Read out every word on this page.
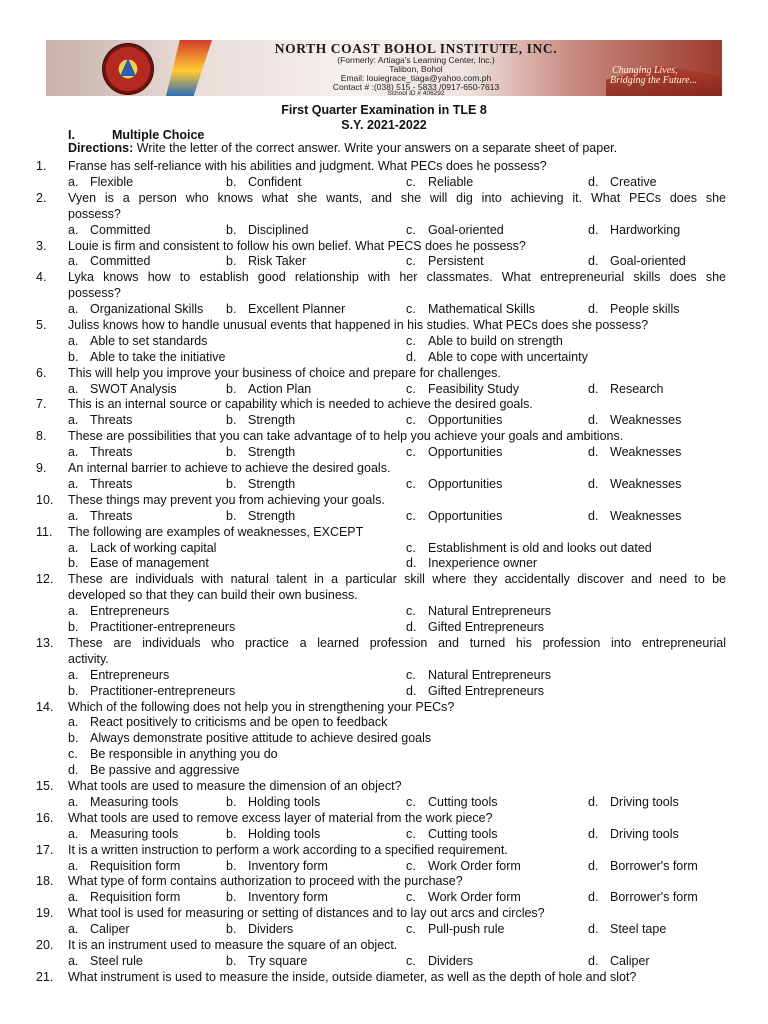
NORTH COAST BOHOL INSTITUTE, INC.
(Formerly: Artiaga's Learning Center, Inc.)
Talibon, Bohol
Email: louiegrace_tiaga@yahoo.com.ph
Contact # :(038) 515 - 5833 /0917-650-7613
School ID # 406292
Changing Lives,
Bridging the Future...
First Quarter Examination in TLE 8
S.Y. 2021-2022
I.	Multiple Choice
Directions: Write the letter of the correct answer. Write your answers on a separate sheet of paper.
1.	Franse has self-reliance with his abilities and judgment. What PECs does he possess?
a. Flexible	b. Confident	c. Reliable	d. Creative
2.	Vyen is a person who knows what she wants, and she will dig into achieving it. What PECs does she
possess?
a. Committed	b. Disciplined	c. Goal-oriented	d. Hardworking
3.	Louie is firm and consistent to follow his own belief. What PECS does he possess?
a. Committed	b. Risk Taker	c. Persistent	d. Goal-oriented
4.	Lyka knows how to establish good relationship with her classmates. What entrepreneurial skills does she
possess?
a. Organizational Skills b. Excellent Planner	c. Mathematical Skills	d. People skills
5.	Juliss knows how to handle unusual events that happened in his studies. What PECs does she possess?
a. Able to set standards	c. Able to build on strength
b. Able to take the initiative	d. Able to cope with uncertainty
6.	This will help you improve your business of choice and prepare for challenges.
a. SWOT Analysis	b. Action Plan	c. Feasibility Study	d. Research
7.	This is an internal source or capability which is needed to achieve the desired goals.
a. Threats	b. Strength	c. Opportunities	d. Weaknesses
8.	These are possibilities that you can take advantage of to help you achieve your goals and ambitions.
a. Threats	b. Strength	c. Opportunities	d. Weaknesses
9.	An internal barrier to achieve to achieve the desired goals.
a. Threats	b. Strength	c. Opportunities	d. Weaknesses
10.	These things may prevent you from achieving your goals.
a. Threats	b. Strength	c. Opportunities	d. Weaknesses
11.	The following are examples of weaknesses, EXCEPT
a. Lack of working capital	c. Establishment is old and looks out dated
b. Ease of management	d. Inexperience owner
12.	These are individuals with natural talent in a particular skill where they accidentally discover and need to be
developed so that they can build their own business.
a. Entrepreneurs	c. Natural Entrepreneurs
b. Practitioner-entrepreneurs	d. Gifted Entrepreneurs
13.	These are individuals who practice a learned profession and turned his profession into entrepreneurial
activity.
a. Entrepreneurs	c. Natural Entrepreneurs
b. Practitioner-entrepreneurs	d. Gifted Entrepreneurs
14.	Which of the following does not help you in strengthening your PECs?
a. React positively to criticisms and be open to feedback
b. Always demonstrate positive attitude to achieve desired goals
c. Be responsible in anything you do
d. Be passive and aggressive
15.	What tools are used to measure the dimension of an object?
a. Measuring tools	b. Holding tools	c. Cutting tools	d. Driving tools
16.	What tools are used to remove excess layer of material from the work piece?
a. Measuring tools	b. Holding tools	c. Cutting tools	d. Driving tools
17.	It is a written instruction to perform a work according to a specified requirement.
a. Requisition form	b. Inventory form	c. Work Order form	d. Borrower's form
18.	What type of form contains authorization to proceed with the purchase?
a. Requisition form	b. Inventory form	c. Work Order form	d. Borrower's form
19.	What tool is used for measuring or setting of distances and to lay out arcs and circles?
a. Caliper	b. Dividers	c. Pull-push rule	d. Steel tape
20.	It is an instrument used to measure the square of an object.
a. Steel rule	b. Try square	c. Dividers	d. Caliper
21.	What instrument is used to measure the inside, outside diameter, as well as the depth of hole and slot?
